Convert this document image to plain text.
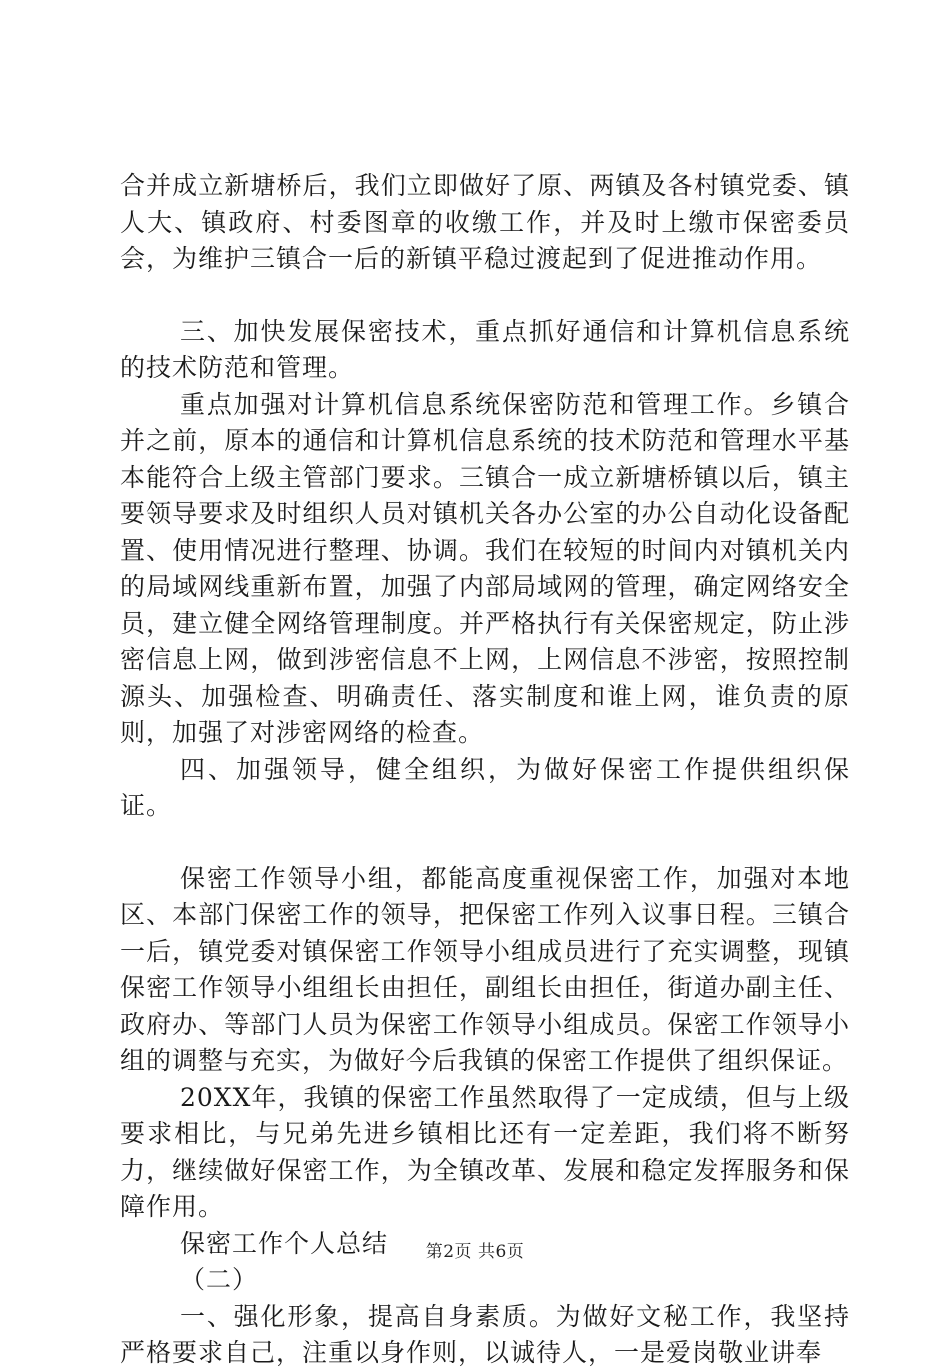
合并成立新塘桥后，我们立即做好了原、两镇及各村镇党委、镇人大、镇政府、村委图章的收缴工作，并及时上缴市保密委员会，为维护三镇合一后的新镇平稳过渡起到了促进推动作用。

三、加快发展保密技术，重点抓好通信和计算机信息系统的技术防范和管理。

重点加强对计算机信息系统保密防范和管理工作。乡镇合并之前，原本的通信和计算机信息系统的技术防范和管理水平基本能符合上级主管部门要求。三镇合一成立新塘桥镇以后，镇主要领导要求及时组织人员对镇机关各办公室的办公自动化设备配置、使用情况进行整理、协调。我们在较短的时间内对镇机关内的局域网线重新布置，加强了内部局域网的管理，确定网络安全员，建立健全网络管理制度。并严格执行有关保密规定，防止涉密信息上网，做到涉密信息不上网，上网信息不涉密，按照控制源头、加强检查、明确责任、落实制度和谁上网，谁负责的原则，加强了对涉密网络的检查。

四、加强领导，健全组织，为做好保密工作提供组织保证。

保密工作领导小组，都能高度重视保密工作，加强对本地区、本部门保密工作的领导，把保密工作列入议事日程。三镇合一后，镇党委对镇保密工作领导小组成员进行了充实调整，现镇保密工作领导小组组长由担任，副组长由担任，街道办副主任、政府办、等部门人员为保密工作领导小组成员。保密工作领导小组的调整与充实，为做好今后我镇的保密工作提供了组织保证。

20XX年，我镇的保密工作虽然取得了一定成绩，但与上级要求相比，与兄弟先进乡镇相比还有一定差距，我们将不断努力，继续做好保密工作，为全镇改革、发展和稳定发挥服务和保障作用。

保密工作个人总结

（二）

一、强化形象，提高自身素质。为做好文秘工作，我坚持严格要求自己，注重以身作则，以诚待人，一是爱岗敬业讲奉

第2页 共6页
